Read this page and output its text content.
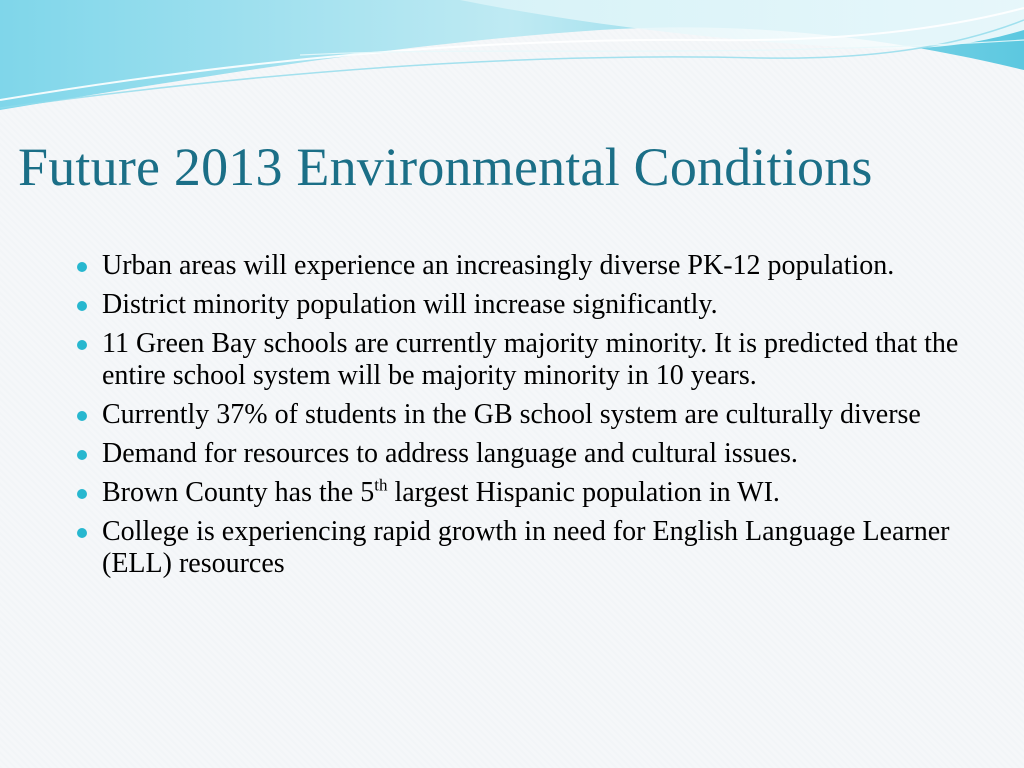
Future 2013 Environmental Conditions
Urban areas will experience an increasingly diverse PK-12 population.
District minority population will increase significantly.
11 Green Bay schools are currently majority minority. It is predicted that the entire school system will be majority minority in 10 years.
Currently 37% of students in the GB school system are culturally diverse
Demand for resources to address language and cultural issues.
Brown County has the 5th largest Hispanic population in WI.
College is experiencing rapid growth in need for English Language Learner (ELL) resources
